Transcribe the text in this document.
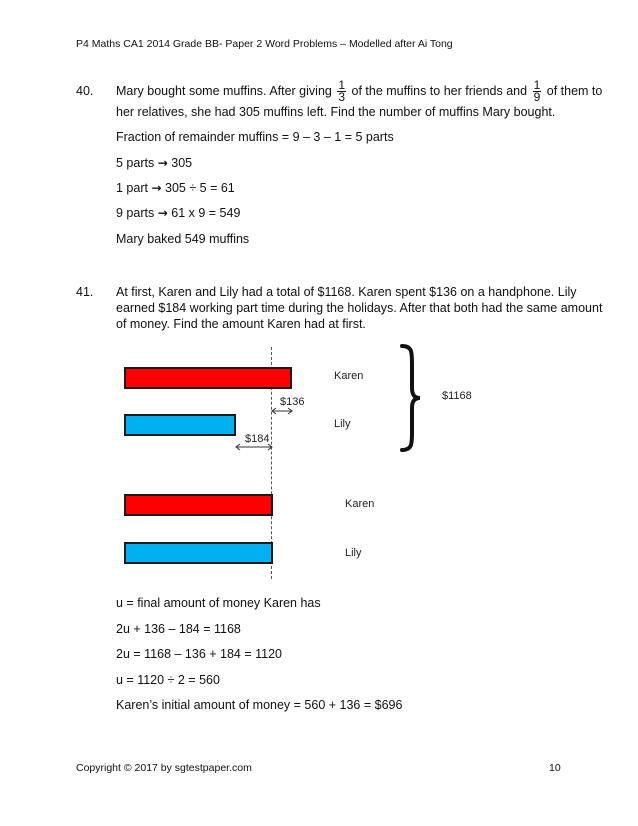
P4 Maths CA1 2014 Grade BB- Paper 2 Word Problems – Modelled after Ai Tong
40. Mary bought some muffins. After giving $\frac{1}{3}$ of the muffins to her friends and $\frac{1}{9}$ of them to
her relatives, she had 305 muffins left. Find the number of muffins Mary bought.
Fraction of remainder muffins = 9 – 3 – 1 = 5 parts
5 parts → 305
1 part → 305 ÷ 5 = 61
9 parts → 61 x 9 = 549
Mary baked 549 muffins
41. At first, Karen and Lily had a total of $1168. Karen spent $136 on a handphone. Lily
earned $184 working part time during the holidays. After that both had the same amount
of money. Find the amount Karen had at first.
Karen
Lily
Karen
Lily
$136
$184
$1168
u = final amount of money Karen has
2u + 136 – 184 = 1168
2u = 1168 – 136 + 184 = 1120
u = 1120 ÷ 2 = 560
Karen’s initial amount of money = 560 + 136 = $696
Copyright © 2017 by sgtestpaper.com	10
